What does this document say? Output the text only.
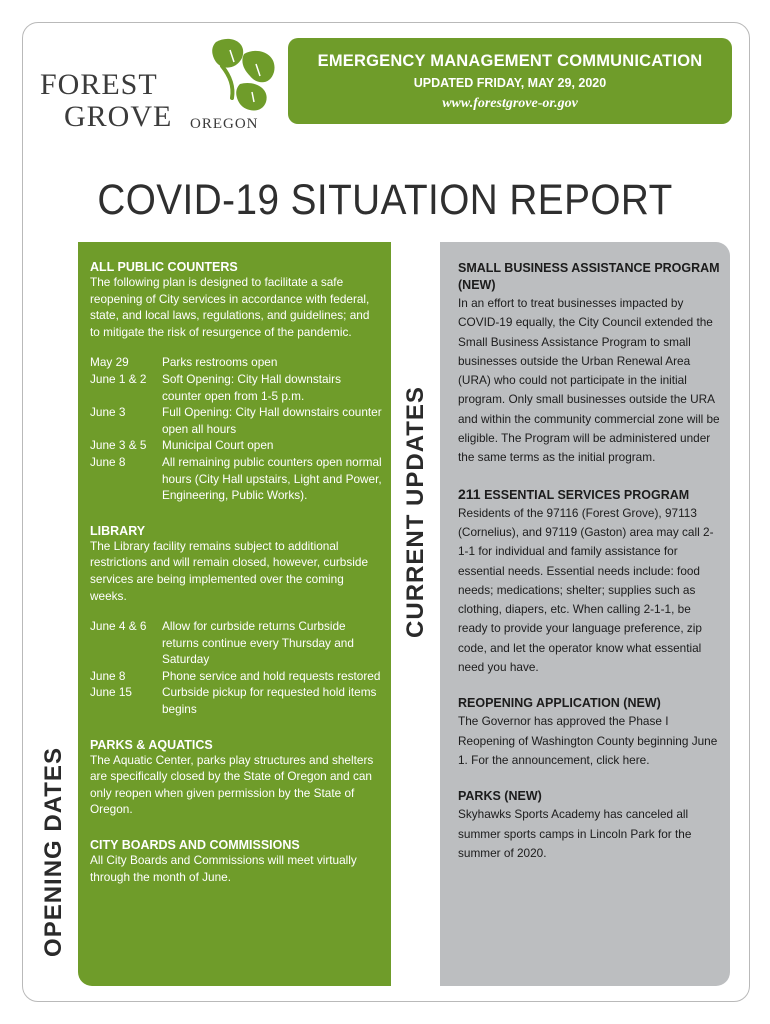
FOREST
GROVE OREGON
EMERGENCY MANAGEMENT COMMUNICATION
UPDATED FRIDAY, MAY 29, 2020
www.forestgrove-or.gov
COVID-19 SITUATION REPORT
OPENING DATES
ALL PUBLIC COUNTERS
The following plan is designed to facilitate a safe reopening of City services in accordance with federal, state, and local laws, regulations, and guidelines; and to mitigate the risk of resurgence of the pandemic.
May 29	Parks restrooms open
June 1 & 2	Soft Opening: City Hall downstairs counter open from 1-5 p.m.
June 3	Full Opening: City Hall downstairs counter open all hours
June 3 & 5	Municipal Court open
June 8	All remaining public counters open normal hours (City Hall upstairs, Light and Power, Engineering, Public Works).
LIBRARY
The Library facility remains subject to additional restrictions and will remain closed, however, curbside services are being implemented over the coming weeks.
June 4 & 6	Allow for curbside returns Curbside returns continue every Thursday and Saturday
June 8	Phone service and hold requests restored
June 15	Curbside pickup for requested hold items begins
PARKS & AQUATICS
The Aquatic Center, parks play structures and shelters are specifically closed by the State of Oregon and can only reopen when given permission by the State of Oregon.
CITY BOARDS AND COMMISSIONS
All City Boards and Commissions will meet virtually through the month of June.
CURRENT UPDATES
SMALL BUSINESS ASSISTANCE PROGRAM (NEW)
In an effort to treat businesses impacted by COVID-19 equally, the City Council extended the Small Business Assistance Program to small businesses outside the Urban Renewal Area (URA) who could not participate in the initial program. Only small businesses outside the URA and within the community commercial zone will be eligible. The Program will be administered under the same terms as the initial program.
211 ESSENTIAL SERVICES PROGRAM
Residents of the 97116 (Forest Grove), 97113 (Cornelius), and 97119 (Gaston) area may call 2-1-1 for individual and family assistance for essential needs. Essential needs include: food needs; medications; shelter; supplies such as clothing, diapers, etc. When calling 2-1-1, be ready to provide your language preference, zip code, and let the operator know what essential need you have.
REOPENING APPLICATION (NEW)
The Governor has approved the Phase I Reopening of Washington County beginning June 1. For the announcement, click here.
PARKS (NEW)
Skyhawks Sports Academy has canceled all summer sports camps in Lincoln Park for the summer of 2020.
